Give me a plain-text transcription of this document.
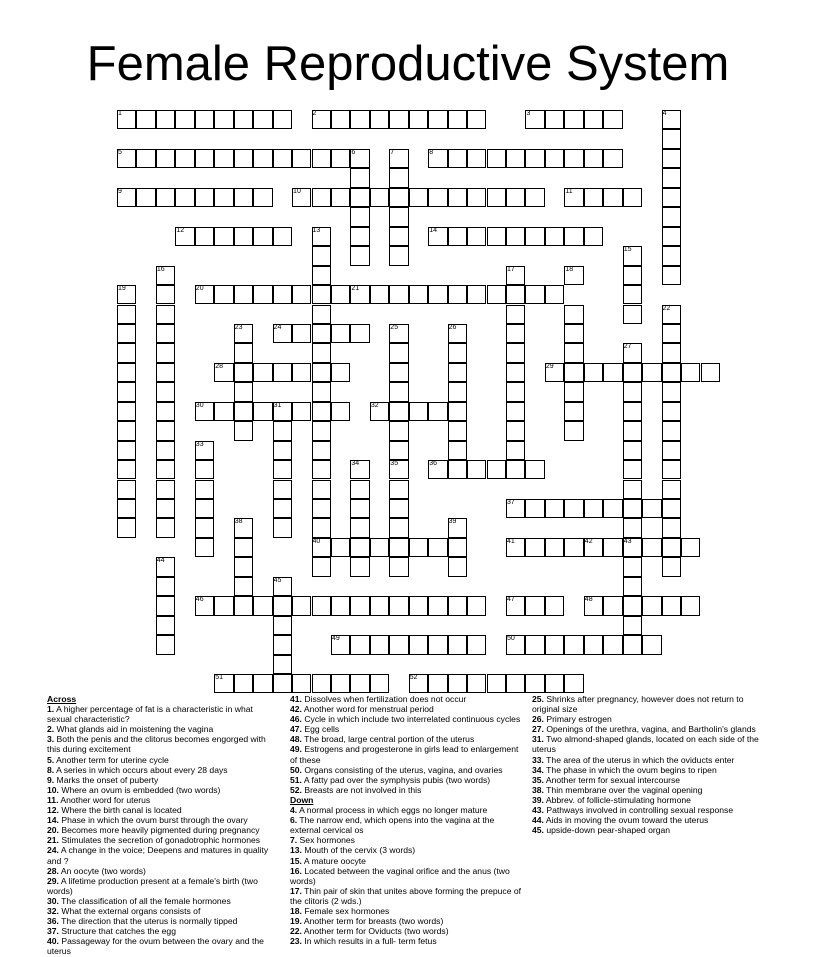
Female Reproductive System
1	2	3	4
5	6	7	8
9	10	11
12	13	14
15
16	17	18
19	20	21
22
23	24	25	26
27
28	29
30	31	32
33
34	35	36
37
38	39
40	41	42	43
44
45
46	47	48
49	50
51	52
Across
1. A higher percentage of fat is a characteristic in what sexual characteristic?
2. What glands aid in moistening the vagina
3. Both the penis and the clitorus becomes engorged with this during excitement
5. Another term for uterine cycle
8. A series in which occurs about every 28 days
9. Marks the onset of puberty
10. Where an ovum is embedded (two words)
11. Another word for uterus
12. Where the birth canal is located
14. Phase in which the ovum burst through the ovary
20. Becomes more heavily pigmented during pregnancy
21. Stimulates the secretion of gonadotrophic hormones
24. A change in the voice; Deepens and matures in quality and ?
28. An oocyte (two words)
29. A lifetime production present at a female's birth (two words)
30. The classification of all the female hormones
32. What the external organs consists of
36. The direction that the uterus is normally tipped
37. Structure that catches the egg
40. Passageway for the ovum between the ovary and the uterus
41. Dissolves when fertilization does not occur
42. Another word for menstrual period
46. Cycle in which include two interrelated continuous cycles
47. Egg cells
48. The broad, large central portion of the uterus
49. Estrogens and progesterone in girls lead to enlargement of these
50. Organs consisting of the uterus, vagina, and ovaries
51. A fatty pad over the symphysis pubis (two words)
52. Breasts are not involved in this
Down
4. A normal process in which eggs no longer mature
6. The narrow end, which opens into the vagina at the external cervical os
7. Sex hormones
13. Mouth of the cervix (3 words)
15. A mature oocyte
16. Located between the vaginal orifice and the anus (two words)
17. Thin pair of skin that unites above forming the prepuce of the clitoris (2 wds.)
18. Female sex hormones
19. Another term for breasts (two words)
22. Another term for Oviducts (two words)
23. In which results in a full- term fetus
25. Shrinks after pregnancy, however does not return to original size
26. Primary estrogen
27. Openings of the urethra, vagina, and Bartholin's glands
31. Two almond-shaped glands, located on each side of the uterus
33. The area of the uterus in which the oviducts enter
34. The phase in which the ovum begins to ripen
35. Another term for sexual intercourse
38. Thin membrane over the vaginal opening
39. Abbrev. of follicle-stimulating hormone
43. Pathways involved in controlling sexual response
44. Aids in moving the ovum toward the uterus
45. upside-down pear-shaped organ
